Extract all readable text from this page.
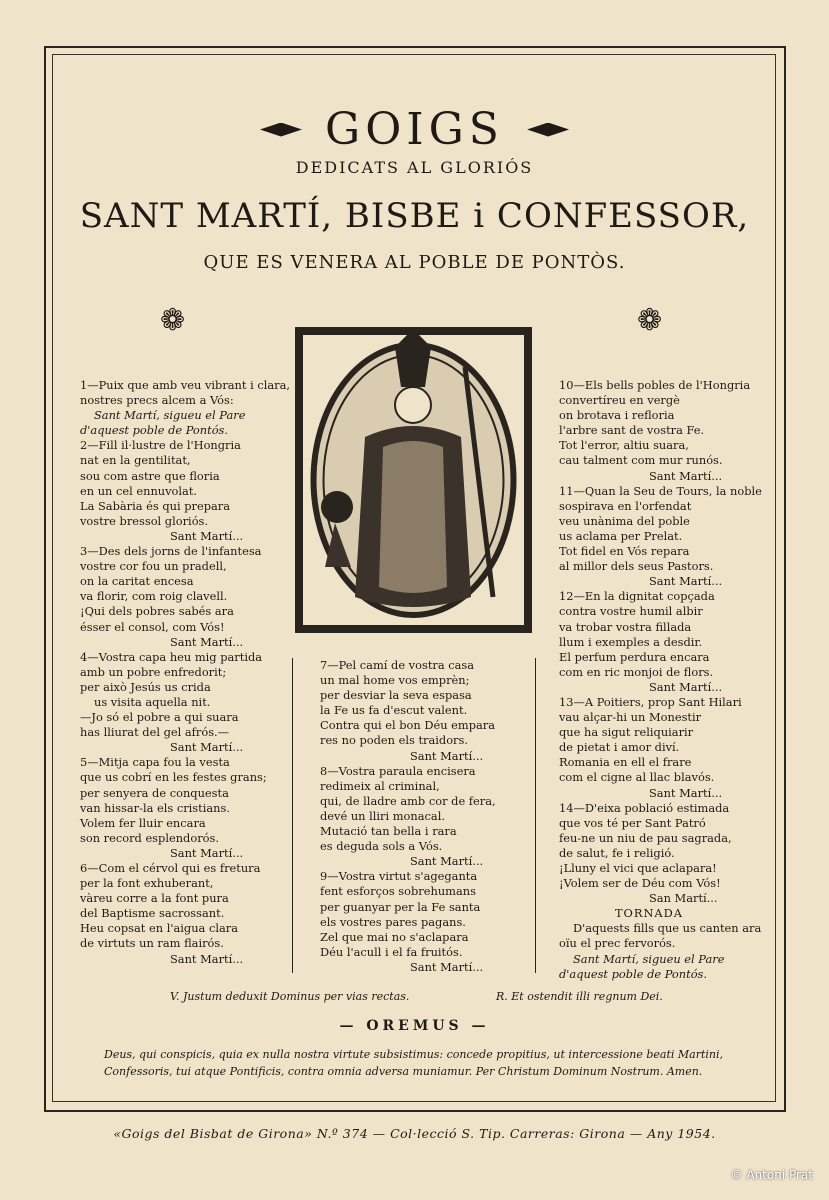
GOIGS
DEDICATS AL GLORIÓS
SANT MARTÍ, BISBE i CONFESSOR,
QUE ES VENERA AL POBLE DE PONTÒS.
❁	❁
1—Puix que amb veu vibrant i clara,
nostres precs alcem a Vós:
Sant Martí, sigueu el Pare
d'aquest poble de Pontós.
2—Fill il·lustre de l'Hongria
nat en la gentilitat,
sou com astre que floria
en un cel ennuvolat.
La Sabària és qui prepara
vostre bressol gloriós.
Sant Martí...
3—Des dels jorns de l'infantesa
vostre cor fou un pradell,
on la caritat encesa
va florir, com roig clavell.
¡Qui dels pobres sabés ara
ésser el consol, com Vós!
Sant Martí...
4—Vostra capa heu mig partida
amb un pobre enfredorit;
per això Jesús us crida
us visita aquella nit.
—Jo só el pobre a qui suara
has lliurat del gel afrós.—
Sant Martí...
5—Mitja capa fou la vesta
que us cobrí en les festes grans;
per senyera de conquesta
van hissar-la els cristians.
Volem fer lluir encara
son record esplendorós.
Sant Martí...
6—Com el cérvol qui es fretura
per la font exhuberant,
vàreu corre a la font pura
del Baptisme sacrossant.
Heu copsat en l'aigua clara
de virtuts un ram flairós.
Sant Martí...
7—Pel camí de vostra casa
un mal home vos emprèn;
per desviar la seva espasa
la Fe us fa d'escut valent.
Contra qui el bon Déu empara
res no poden els traidors.
Sant Martí...
8—Vostra paraula encisera
redimeix al criminal,
qui, de lladre amb cor de fera,
devé un lliri monacal.
Mutació tan bella i rara
es deguda sols a Vós.
Sant Martí...
9—Vostra virtut s'ageganta
fent esforços sobrehumans
per guanyar per la Fe santa
els vostres pares pagans.
Zel que mai no s'aclapara
Déu l'acull i el fa fruitós.
Sant Martí...
10—Els bells pobles de l'Hongria
convertíreu en vergè
on brotava i refloria
l'arbre sant de vostra Fe.
Tot l'error, altiu suara,
cau talment com mur runós.
Sant Martí...
11—Quan la Seu de Tours, la noble
sospirava en l'orfendat
veu unànima del poble
us aclama per Prelat.
Tot fidel en Vós repara
al millor dels seus Pastors.
Sant Martí...
12—En la dignitat copçada
contra vostre humil albir
va trobar vostra fillada
llum i exemples a desdir.
El perfum perdura encara
com en ric monjoi de flors.
Sant Martí...
13—A Poitiers, prop Sant Hilari
vau alçar-hi un Monestir
que ha sigut reliquiarir
de pietat i amor diví.
Romania en ell el frare
com el cigne al llac blavós.
Sant Martí...
14—D'eixa població estimada
que vos té per Sant Patró
feu-ne un niu de pau sagrada,
de salut, fe i religió.
¡Lluny el vici que aclapara!
¡Volem ser de Déu com Vós!
San Martí...
TORNADA
D'aquests fills que us canten ara
oïu el prec fervorós.
Sant Martí, sigueu el Pare
d'aquest poble de Pontós.
V. Justum deduxit Dominus per vias rectas.	R. Et ostendit illi regnum Dei.
— OREMUS —
Deus, qui conspicis, quia ex nulla nostra virtute subsistimus: concede propitius, ut intercessione beati Martini, Confessoris, tui atque Pontificis, contra omnia adversa muniamur. Per Christum Dominum Nostrum. Amen.
«Goigs del Bisbat de Girona» N.º 374 — Col·lecció S. Tip. Carreras: Girona — Any 1954.
© Antoni Prat
